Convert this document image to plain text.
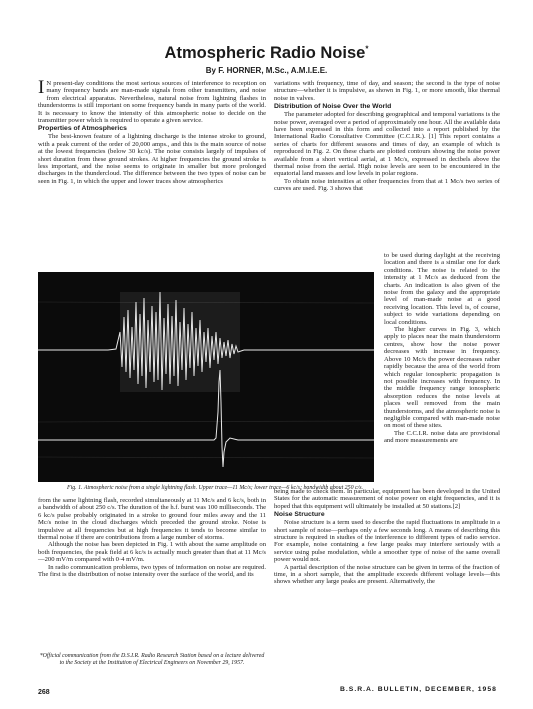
Atmospheric Radio Noise*
By F. HORNER, M.Sc., A.M.I.E.E.

I N present-day conditions the most serious sources of interference to reception on many frequency bands are man-made signals from other transmitters, and noise from electrical apparatus. Nevertheless, natural noise from lightning flashes in thunderstorms is still important on some frequency bands in many parts of the world. It is necessary to know the intensity of this atmospheric noise to decide on the transmitter power which is required to operate a given service.

Properties of Atmospherics

The best-known feature of a lightning discharge is the intense stroke to ground, with a peak current of the order of 20,000 amps., and this is the main source of noise at the lowest frequencies (below 30 kc/s). The noise consists largely of impulses of short duration from these ground strokes. At higher frequencies the ground stroke is less important, and the noise seems to originate in smaller but more prolonged discharges in the thundercloud. The difference between the two types of noise can be seen in Fig. 1, in which the upper and lower traces show atmospherics

variations with frequency, time of day, and season; the second is the type of noise structure—whether it is impulsive, as shown in Fig. 1, or more smooth, like thermal noise in valves.

Distribution of Noise Over the World

The parameter adopted for describing geographical and temporal variations is the noise power, averaged over a period of approximately one hour. All the available data have been expressed in this form and collected into a report published by the International Radio Consultative Committee (C.C.I.R.). [1] This report contains a series of charts for different seasons and times of day, an example of which is reproduced in Fig. 2. On these charts are plotted contours showing the noise power available from a short vertical aerial, at 1 Mc/s, expressed in decibels above the thermal noise from the aerial. High noise levels are seen to be encountered in the equatorial land masses and low levels in polar regions.

To obtain noise intensities at other frequencies from that at 1 Mc/s two series of curves are used. Fig. 3 shows that

to be used during daylight at the receiving location and there is a similar one for dark conditions. The noise is related to the intensity at 1 Mc/s as deduced from the charts. An indication is also given of the noise from the galaxy and the appropriate level of man-made noise at a good receiving location. This level is, of course, subject to wide variations depending on local conditions.

The higher curves in Fig. 3, which apply to places near the main thunderstorm centres, show how the noise power decreases with increase in frequency. Above 10 Mc/s the power decreases rather rapidly because the area of the world from which regular ionospheric propagation is not possible increases with frequency. In the middle frequency range ionospheric absorption reduces the noise levels at places well removed from the main thunderstorms, and the atmospheric noise is negligible compared with man-made noise on most of these sites.

The C.C.I.R. noise data are provisional and more measurements are

Fig. 1. Atmospheric noise from a single lightning flash. Upper trace—11 Mc/s; lower trace—6 kc/s; bandwidth about 250 c/s.

from the same lightning flash, recorded simultaneously at 11 Mc/s and 6 kc/s, both in a bandwidth of about 250 c/s. The duration of the h.f. burst was 100 milliseconds. The 6 kc/s pulse probably originated in a stroke to ground four miles away and the 11 Mc/s noise in the cloud discharges which preceded the ground stroke. Noise is impulsive at all frequencies but at high frequencies it tends to become similar to thermal noise if there are contributions from a large number of storms.

Although the noise has been depicted in Fig. 1 with about the same amplitude on both frequencies, the peak field at 6 kc/s is actually much greater than that at 11 Mc/s—200 mV/m compared with 0·4 mV/m.

In radio communication problems, two types of information on noise are required. The first is the distribution of noise intensity over the surface of the world, and its

being made to check them. In particular, equipment has been developed in the United States for the automatic measurement of noise power on eight frequencies, and it is hoped that this equipment will ultimately be installed at 50 stations.[2]

Noise Structure

Noise structure is a term used to describe the rapid fluctuations in amplitude in a short sample of noise—perhaps only a few seconds long. A means of describing this structure is required in studies of the interference to different types of radio service. For example, noise containing a few large peaks may interfere seriously with a service using pulse modulation, while a smoother type of noise of the same overall power would not.

A partial description of the noise structure can be given in terms of the fraction of time, in a short sample, that the amplitude exceeds different voltage levels—this shows whether any large peaks are present. Alternatively, the

*Official communication from the D.S.I.R. Radio Research Station based on a lecture delivered to the Society at the Institution of Electrical Engineers on November 29, 1957.
268	B.S.R.A. BULLETIN, DECEMBER, 1958
